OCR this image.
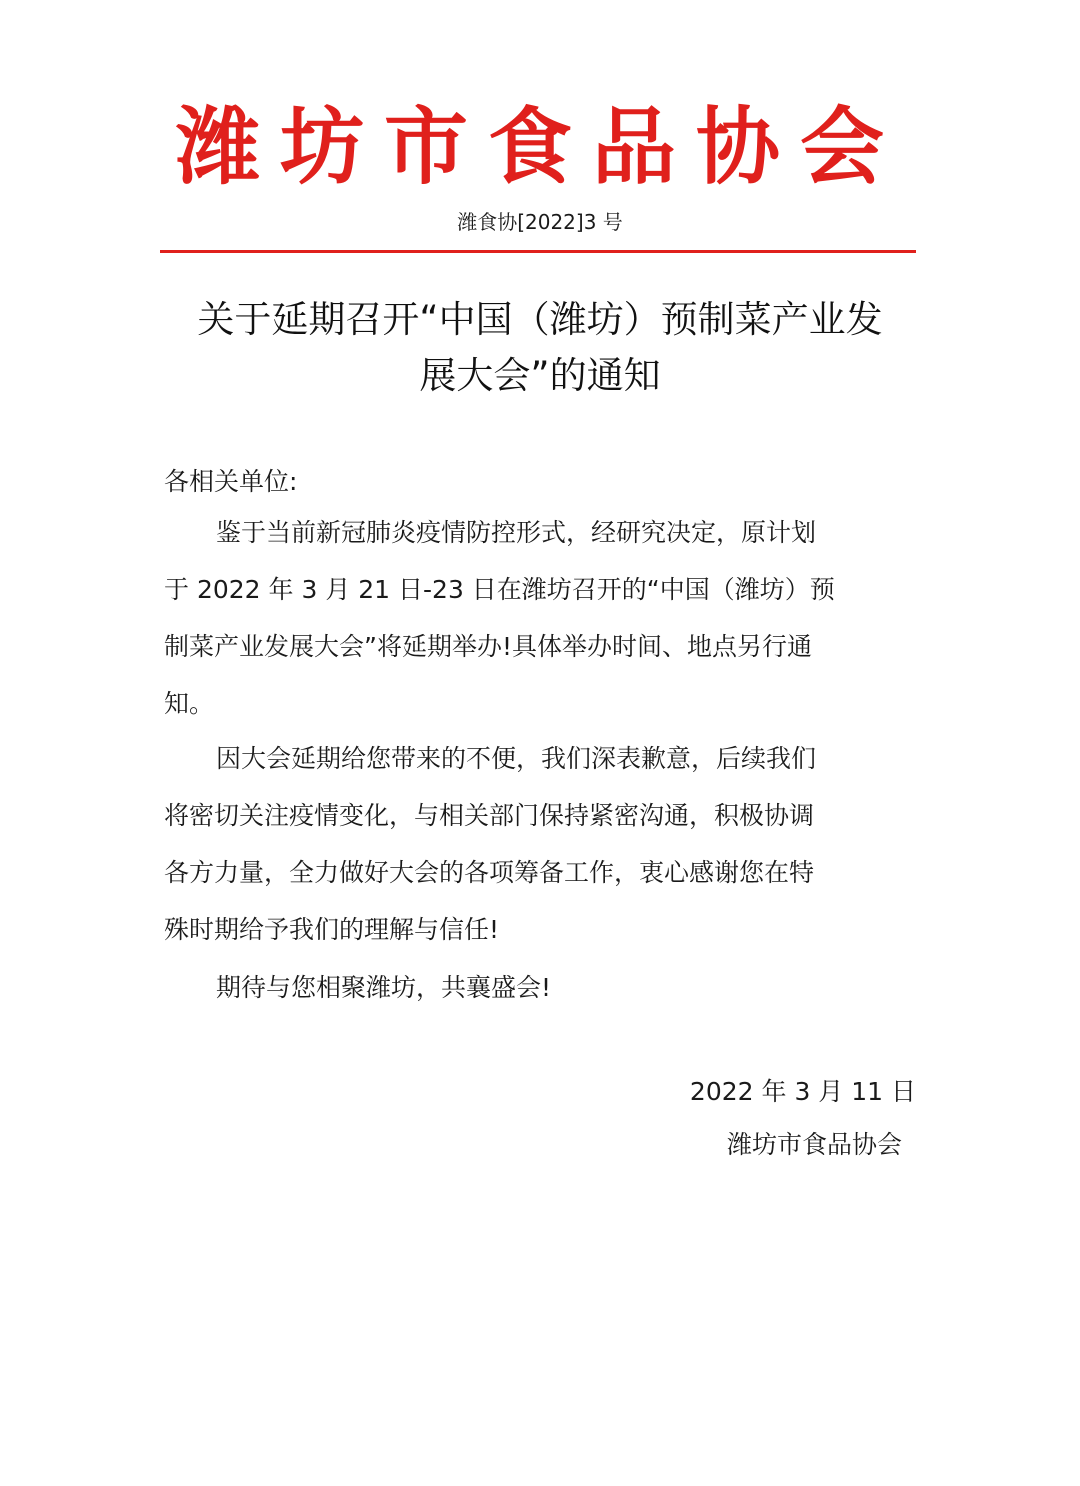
潍坊市食品协会
潍食协[2022]3 号
关于延期召开“中国（潍坊）预制菜产业发
展大会”的通知
各相关单位:
鉴于当前新冠肺炎疫情防控形式，经研究决定，原计划
于 2022 年 3 月 21 日-23 日在潍坊召开的“中国（潍坊）预
制菜产业发展大会”将延期举办!具体举办时间、地点另行通
知。
因大会延期给您带来的不便，我们深表歉意，后续我们
将密切关注疫情变化，与相关部门保持紧密沟通，积极协调
各方力量，全力做好大会的各项筹备工作，衷心感谢您在特
殊时期给予我们的理解与信任!
期待与您相聚潍坊，共襄盛会!
2022 年 3 月 11 日
潍坊市食品协会
